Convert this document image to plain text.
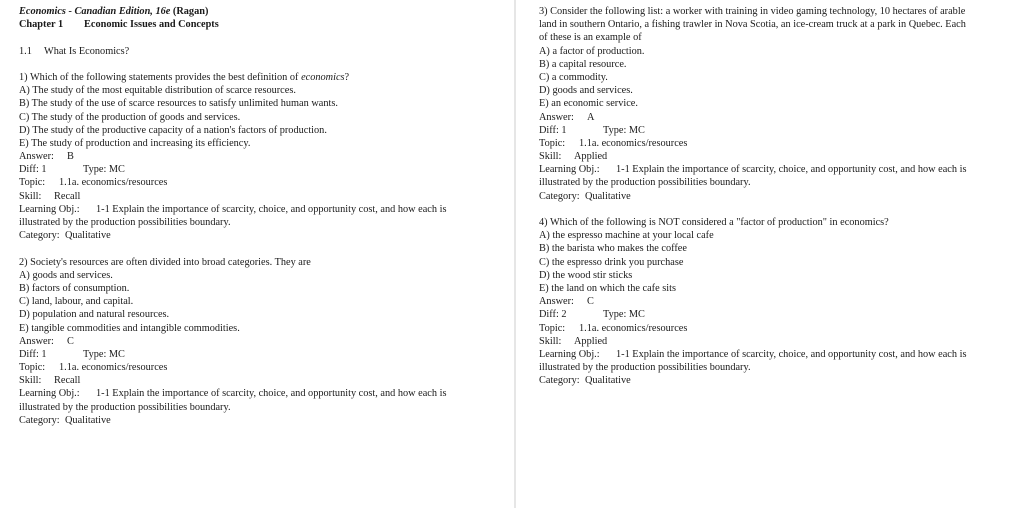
Economics - Canadian Edition, 16e (Ragan)
Chapter 1 Economic Issues and Concepts
1.1 What Is Economics?
1) Which of the following statements provides the best definition of economics?
A) The study of the most equitable distribution of scarce resources.
B) The study of the use of scarce resources to satisfy unlimited human wants.
C) The study of the production of goods and services.
D) The study of the productive capacity of a nation's factors of production.
E) The study of production and increasing its efficiency.
Answer: B
Diff: 1	Type: MC
Topic: 1.1a. economics/resources
Skill: Recall
Learning Obj.: 1-1 Explain the importance of scarcity, choice, and opportunity cost, and how each is
illustrated by the production possibilities boundary.
Category: Qualitative
2) Society's resources are often divided into broad categories. They are
A) goods and services.
B) factors of consumption.
C) land, labour, and capital.
D) population and natural resources.
E) tangible commodities and intangible commodities.
Answer: C
Diff: 1	Type: MC
Topic: 1.1a. economics/resources
Skill: Recall
Learning Obj.: 1-1 Explain the importance of scarcity, choice, and opportunity cost, and how each is
illustrated by the production possibilities boundary.
Category: Qualitative
3) Consider the following list: a worker with training in video gaming technology, 10 hectares of arable
land in southern Ontario, a fishing trawler in Nova Scotia, an ice-cream truck at a park in Quebec. Each
of these is an example of
A) a factor of production.
B) a capital resource.
C) a commodity.
D) goods and services.
E) an economic service.
Answer: A
Diff: 1	Type: MC
Topic: 1.1a. economics/resources
Skill: Applied
Learning Obj.: 1-1 Explain the importance of scarcity, choice, and opportunity cost, and how each is
illustrated by the production possibilities boundary.
Category: Qualitative
4) Which of the following is NOT considered a "factor of production" in economics?
A) the espresso machine at your local cafe
B) the barista who makes the coffee
C) the espresso drink you purchase
D) the wood stir sticks
E) the land on which the cafe sits
Answer: C
Diff: 2	Type: MC
Topic: 1.1a. economics/resources
Skill: Applied
Learning Obj.: 1-1 Explain the importance of scarcity, choice, and opportunity cost, and how each is
illustrated by the production possibilities boundary.
Category: Qualitative
